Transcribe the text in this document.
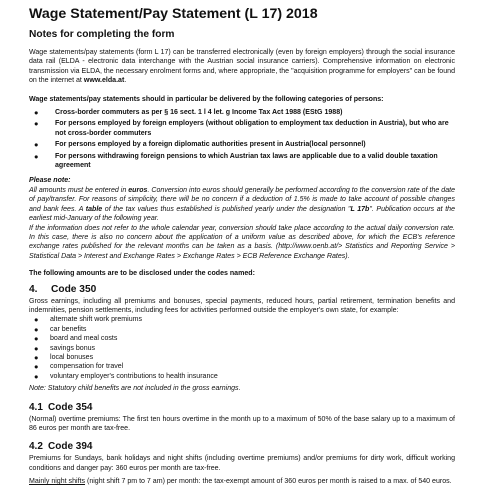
Wage Statement/Pay Statement (L 17) 2018
Notes for completing the form

Wage statements/pay statements (form L 17) can be transferred electronically (even by foreign employers) through the social insurance data rail (ELDA - electronic data interchange with the Austrian social insurance carriers). Comprehensive information on electronic transmission via ELDA, the necessary enrolment forms and, where appropriate, the "acquisition programme for employers" can be found on the internet at www.elda.at.

Wage statements/pay statements should in particular be delivered by the following categories of persons:

● Cross-border commuters as per § 16 sect. 1 l 4 let. g Income Tax Act 1988 (EStG 1988)
● For persons employed by foreign employers (without obligation to employment tax deduction in Austria), but who are not cross-border commuters
● For persons employed by a foreign diplomatic authorities present in Austria(local personnel)
● For persons withdrawing foreign pensions to which Austrian tax laws are applicable due to a valid double taxation agreement

Please note:

All amounts must be entered in euros. Conversion into euros should generally be performed according to the conversion rate of the date of pay/transfer. For reasons of simplicity, there will be no concern if a deduction of 1.5% is made to take account of possible changes and bank fees. A table of the tax values thus established is published yearly under the designation "L 17b". Publication occurs at the earliest mid-January of the following year.

If the information does not refer to the whole calendar year, conversion should take place according to the actual daily conversion rate. In this case, there is also no concern about the application of a uniform value as described above, for which the ECB's reference exchange rates published for the relevant months can be taken as a basis. (http://www.oenb.at/> Statistics and Reporting Service > Statistical Data > Interest and Exchange Rates > Exchange Rates > ECB Reference Exchange Rates).

The following amounts are to be disclosed under the codes named:

4. Code 350

Gross earnings, including all premiums and bonuses, special payments, reduced hours, partial retirement, termination benefits and indemnities, pension settlements, including fees for activities performed outside the employer's own state, for example:

● alternate shift work premiums
● car benefits
● board and meal costs
● savings bonus
● local bonuses
● compensation for travel
● voluntary employer's contributions to health insurance

Note: Statutory child benefits are not included in the gross earnings.

4.1 Code 354

(Normal) overtime premiums: The first ten hours overtime in the month up to a maximum of 50% of the base salary up to a maximum of 86 euros per month are tax-free.

4.2 Code 394

Premiums for Sundays, bank holidays and night shifts (including overtime premiums) and/or premiums for dirty work, difficult working conditions and danger pay: 360 euros per month are tax-free.

Mainly night shifts (night shift 7 pm to 7 am) per month: the tax-exempt amount of 360 euros per month is raised to a max. of 540 euros.
